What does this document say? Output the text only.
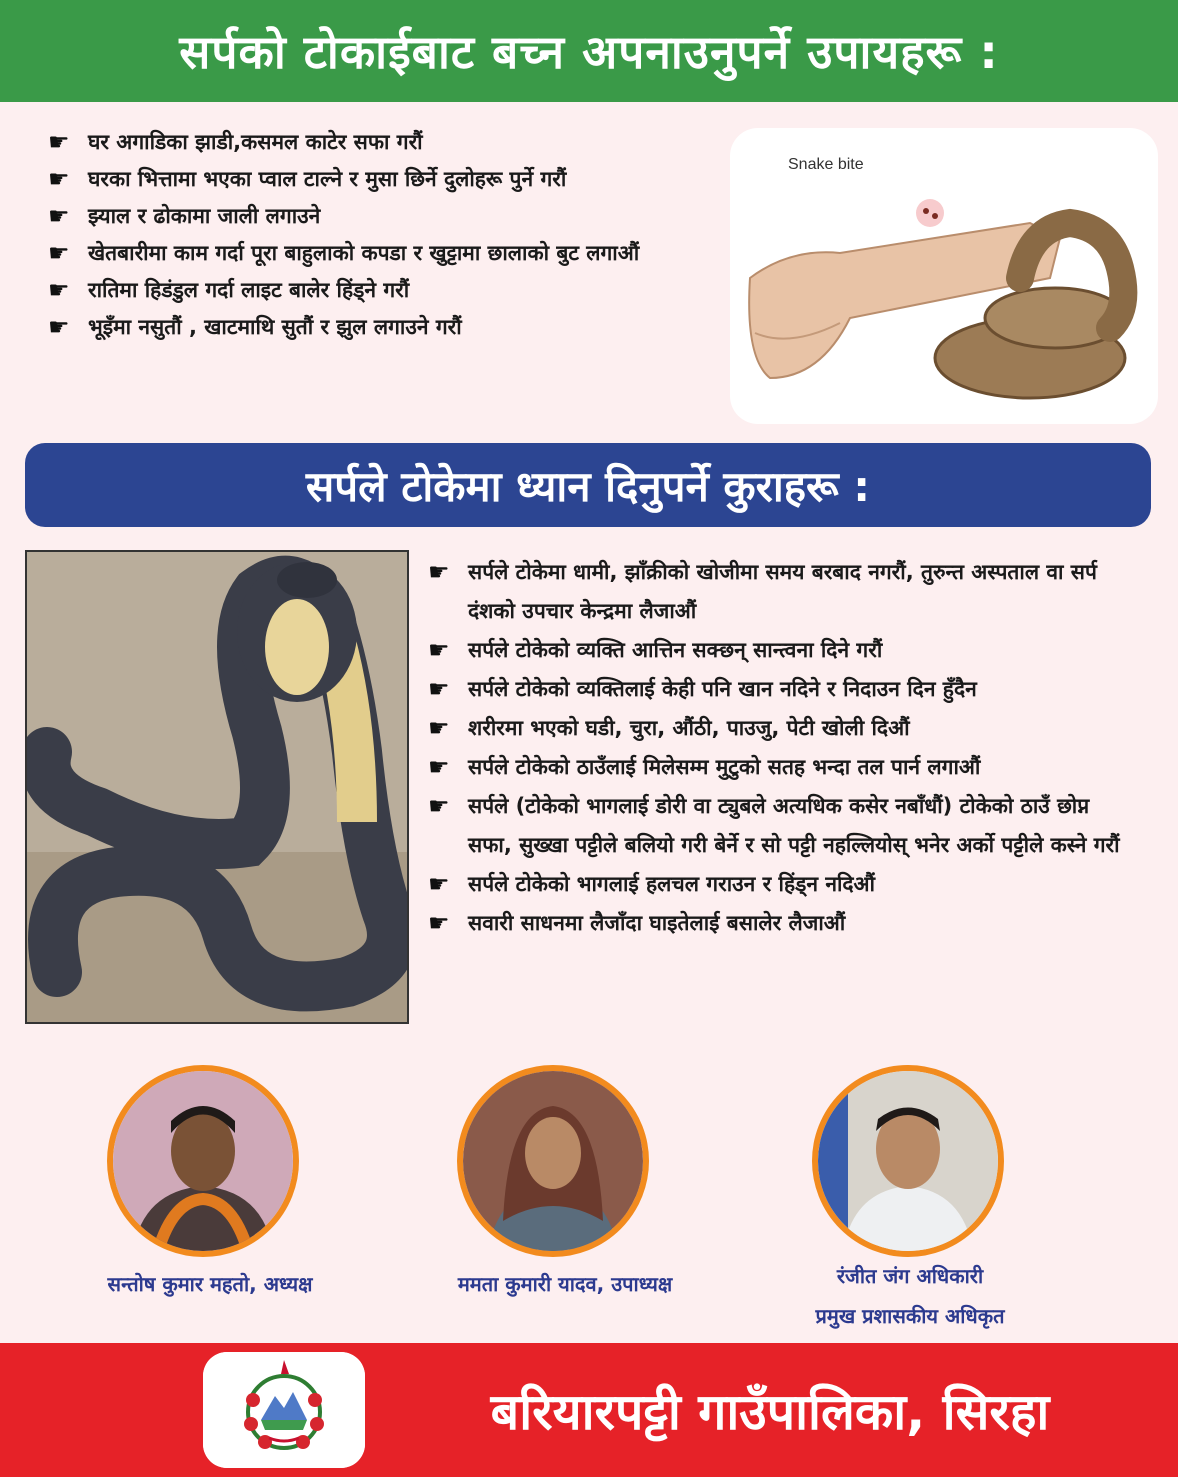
सर्पको टोकाईबाट बच्न अपनाउनुपर्ने उपायहरू :
☛ घर अगाडिका झाडी,कसमल काटेर सफा गरौं
☛ घरका भित्तामा भएका प्वाल टाल्ने र मुसा छिर्ने दुलोहरू पुर्ने गरौं
☛ झ्याल र ढोकामा जाली लगाउने
☛ खेतबारीमा काम गर्दा पूरा बाहुलाको कपडा र खुट्टामा छालाको बुट लगाऔं
☛ रातिमा हिडंडुल गर्दा लाइट बालेर हिंड्ने गरौं
☛ भूइँमा नसुतौं , खाटमाथि सुतौं र झुल लगाउने गरौं
Snake bite
सर्पले टोकेमा ध्यान दिनुपर्ने कुराहरू :
☛ सर्पले टोकेमा धामी, झाँक्रीको खोजीमा समय बरबाद नगरौं, तुरुन्त अस्पताल वा सर्प दंशको उपचार केन्द्रमा लैजाऔं
☛ सर्पले टोकेको व्यक्ति आत्तिन सक्छन् सान्त्वना दिने गरौं
☛ सर्पले टोकेको व्यक्तिलाई केही पनि खान नदिने र निदाउन दिन हुँदैन
☛ शरीरमा भएको घडी, चुरा, औंठी, पाउजु, पेटी खोली दिऔं
☛ सर्पले टोकेको ठाउँलाई मिलेसम्म मुटुको सतह भन्दा तल पार्न लगाऔं
☛ सर्पले (टोकेको भागलाई डोरी वा ट्युबले अत्यधिक कसेर नबाँधौं) टोकेको ठाउँ छोप्न सफा, सुख्खा पट्टीले बलियो गरी बेर्ने र सो पट्टी नहल्लियोस् भनेर अर्को पट्टीले कस्ने गरौं
☛ सर्पले टोकेको भागलाई हलचल गराउन र हिंड्न नदिऔं
☛ सवारी साधनमा लैजाँदा घाइतेलाई बसालेर लैजाऔं
सन्तोष कुमार महतो, अध्यक्ष	ममता कुमारी यादव, उपाध्यक्ष	रंजीत जंग अधिकारी
प्रमुख प्रशासकीय अधिकृत
बरियारपट्टी गाउँपालिका, सिरहा
